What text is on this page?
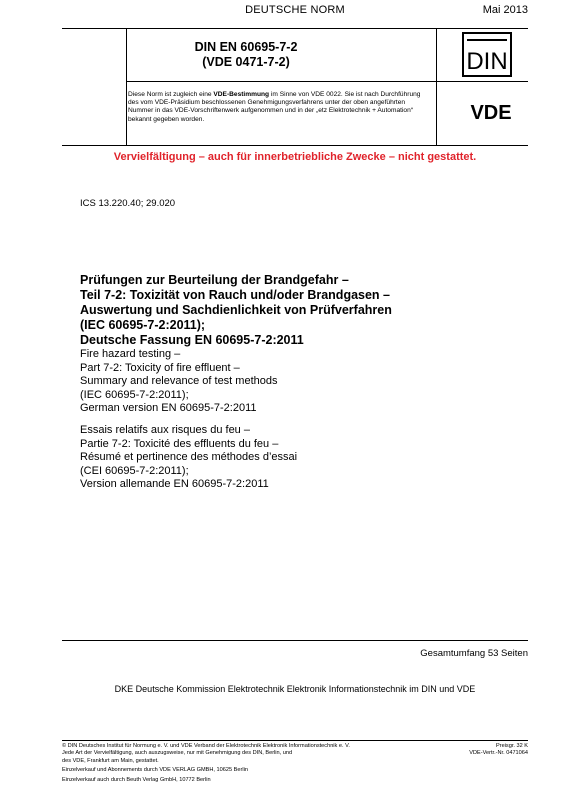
DEUTSCHE NORM	Mai 2013
DIN EN 60695-7-2
(VDE 0471-7-2)	DIN
Diese Norm ist zugleich eine VDE-Bestimmung im Sinne von VDE 0022. Sie ist nach Durchführung des vom VDE-Präsidium beschlossenen Genehmigungsverfahrens unter der oben angeführten Nummer in das VDE-Vorschriftenwerk aufgenommen und in der „etz Elektrotechnik + Automation“ bekannt gegeben worden.	VDE
Vervielfältigung – auch für innerbetriebliche Zwecke – nicht gestattet.
ICS 13.220.40; 29.020
Prüfungen zur Beurteilung der Brandgefahr –
Teil 7-2: Toxizität von Rauch und/oder Brandgasen –
Auswertung und Sachdienlichkeit von Prüfverfahren
(IEC 60695-7-2:2011);
Deutsche Fassung EN 60695-7-2:2011
Fire hazard testing –
Part 7-2: Toxicity of fire effluent –
Summary and relevance of test methods
(IEC 60695-7-2:2011);
German version EN 60695-7-2:2011
Essais relatifs aux risques du feu –
Partie 7-2: Toxicité des effluents du feu –
Résumé et pertinence des méthodes d’essai
(CEI 60695-7-2:2011);
Version allemande EN 60695-7-2:2011
Gesamtumfang 53 Seiten
DKE Deutsche Kommission Elektrotechnik Elektronik Informationstechnik im DIN und VDE
© DIN Deutsches Institut für Normung e. V. und VDE Verband der Elektrotechnik Elektronik Informationstechnik e. V.
Jede Art der Vervielfältigung, auch auszugsweise, nur mit Genehmigung des DIN, Berlin, und
des VDE, Frankfurt am Main, gestattet.
Preisgr. 32 K
VDE-Vertr.-Nr. 0471064
Einzelverkauf und Abonnements durch VDE VERLAG GMBH, 10625 Berlin
Einzelverkauf auch durch Beuth Verlag GmbH, 10772 Berlin
